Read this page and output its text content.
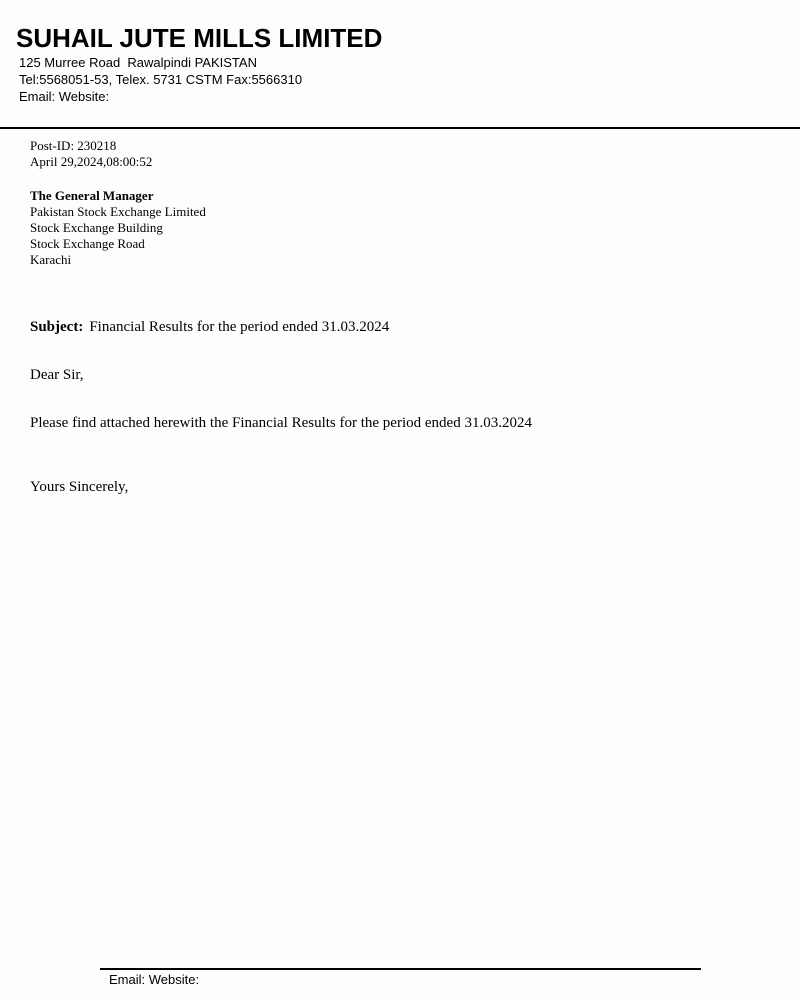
SUHAIL JUTE MILLS LIMITED
125 Murree Road  Rawalpindi PAKISTAN
Tel:5568051-53, Telex. 5731 CSTM Fax:5566310
Email: Website:
Post-ID: 230218
April 29,2024,08:00:52
The General Manager
Pakistan Stock Exchange Limited
Stock Exchange Building
Stock Exchange Road
Karachi
Subject: Financial Results for the period ended 31.03.2024
Dear Sir,
Please find attached herewith the Financial Results for the period ended 31.03.2024
Yours Sincerely,
Email: Website:
